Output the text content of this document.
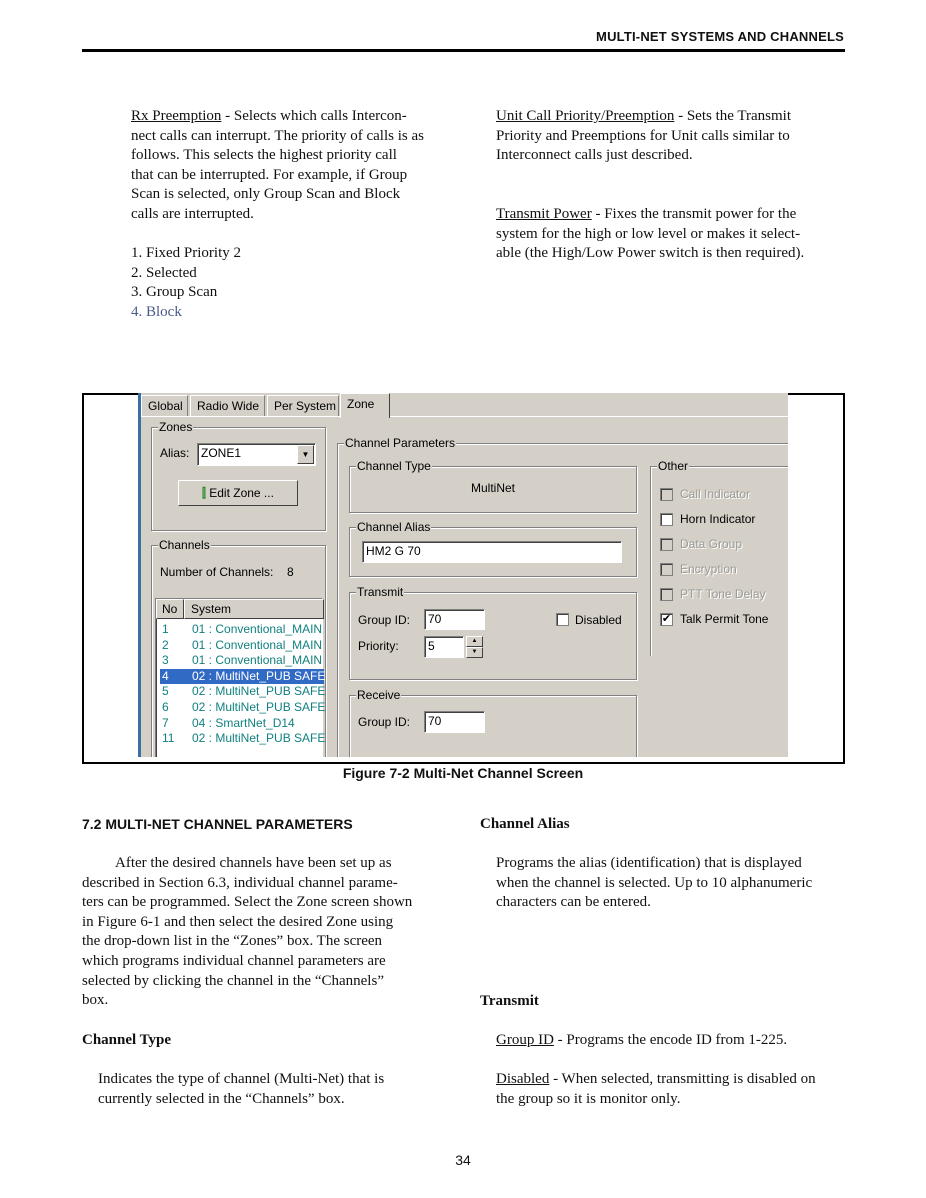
MULTI-NET SYSTEMS AND CHANNELS
Rx Preemption - Selects which calls Intercon-
nect calls can interrupt. The priority of calls is as
follows. This selects the highest priority call
that can be interrupted. For example, if Group
Scan is selected, only Group Scan and Block
calls are interrupted.
1. Fixed Priority 2
2. Selected
3. Group Scan
4. Block
Unit Call Priority/Preemption - Sets the Transmit
Priority and Preemptions for Unit calls similar to
Interconnect calls just described.
Transmit Power - Fixes the transmit power for the
system for the high or low level or makes it select-
able (the High/Low Power switch is then required).
Global	Radio Wide	Per System Zone
Zones
Alias: ZONE1	▼
⫿ Edit Zone ...
Channels
Number of Channels: 8
No	System
1 01 : Conventional_MAIN
2 01 : Conventional_MAIN
3 01 : Conventional_MAIN
4 02 : MultiNet_PUB SAFE
5 02 : MultiNet_PUB SAFE
6 02 : MultiNet_PUB SAFE
7 04 : SmartNet_D14
11 02 : MultiNet_PUB SAFE
Channel Parameters
Channel Type
MultiNet
Channel Alias
HM2 G 70
Transmit
Group ID:	70	Disabled
Priority:	5	▲
▼
Receive
Group ID:	70
Other
Call Indicator
Horn Indicator
Data Group
Encryption
PTT Tone Delay
✔ Talk Permit Tone
Figure 7-2 Multi-Net Channel Screen
7.2 MULTI-NET CHANNEL PARAMETERS
After the desired channels have been set up as
described in Section 6.3, individual channel parame-
ters can be programmed. Select the Zone screen shown
in Figure 6-1 and then select the desired Zone using
the drop-down list in the “Zones” box. The screen
which programs individual channel parameters are
selected by clicking the channel in the “Channels”
box.
Channel Type
Indicates the type of channel (Multi-Net) that is
currently selected in the “Channels” box.
Channel Alias
Programs the alias (identification) that is displayed
when the channel is selected. Up to 10 alphanumeric
characters can be entered.
Transmit
Group ID - Programs the encode ID from 1-225.
Disabled - When selected, transmitting is disabled on
the group so it is monitor only.
34
